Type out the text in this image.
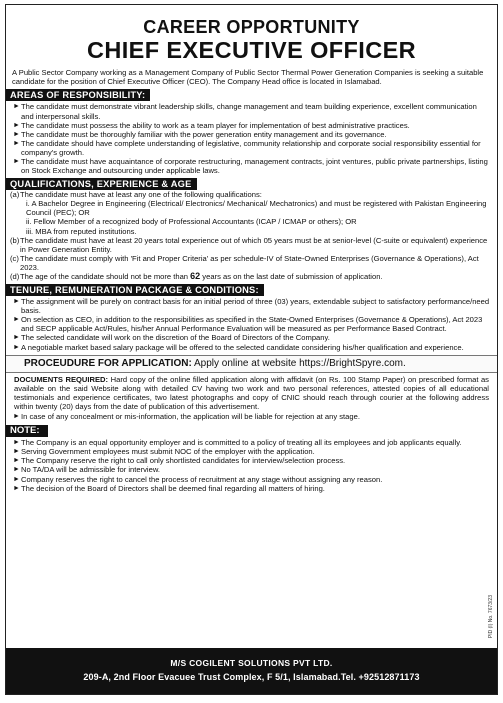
CAREER OPPORTUNITY
CHIEF EXECUTIVE OFFICER
A Public Sector Company working as a Management Company of Public Sector Thermal Power Generation Companies is seeking a suitable candidate for the position of Chief Executive Officer (CEO). The Company Head office is located in Islamabad.
AREAS OF RESPONSIBILITY:
► The candidate must demonstrate vibrant leadership skills, change management and team building experience, excellent communication and interpersonal skills.
► The candidate must possess the ability to work as a team player for implementation of best administrative practices.
► The candidate must be thoroughly familiar with the power generation entity management and its governance.
► The candidate should have complete understanding of legislative, community relationship and corporate social responsibility essential for company's growth.
► The candidate must have acquaintance of corporate restructuring, management contracts, joint ventures, public private partnerships, listing on Stock Exchange and outsourcing under applicable laws.
QUALIFICATIONS, EXPERIENCE & AGE
(a) The candidate must have at least any one of the following qualifications:
i. A Bachelor Degree in Engineering (Electrical/ Electronics/ Mechanical/ Mechatronics) and must be registered with Pakistan Engineering Council (PEC); OR
ii. Fellow Member of a recognized body of Professional Accountants (ICAP / ICMAP or others); OR
iii. MBA from reputed institutions.
(b) The candidate must have at least 20 years total experience out of which 05 years must be at senior-level (C-suite or equivalent) experience in Power Generation Entity.
(c) The candidate must comply with 'Fit and Proper Criteria' as per schedule-IV of State-Owned Enterprises (Governance & Operations), Act 2023.
(d) The age of the candidate should not be more than 62 years as on the last date of submission of application.
TENURE, REMUNERATION PACKAGE & CONDITIONS:
► The assignment will be purely on contract basis for an initial period of three (03) years, extendable subject to satisfactory performance/need basis.
► On selection as CEO, in addition to the responsibilities as specified in the State-Owned Enterprises (Governance & Operations), Act 2023 and SECP applicable Act/Rules, his/her Annual Performance Evaluation will be measured as per Performance Based Contract.
► The selected candidate will work on the discretion of the Board of Directors of the Company.
► A negotiable market based salary package will be offered to the selected candidate considering his/her qualification and experience.
PROCEUDURE FOR APPLICATION: Apply online at website https://BrightSpyre.com.
DOCUMENTS REQUIRED: Hard copy of the online filled application along with affidavit (on Rs. 100 Stamp Paper) on prescribed format as available on the said Website along with detailed CV having two work and two personal references, attested copies of all educational testimonials and experience certificates, two latest photographs and copy of CNIC should reach through courier at the following address within twenty (20) days from the date of publication of this advertisement.
► In case of any concealment or mis-information, the application will be liable for rejection at any stage.
NOTE:
► The Company is an equal opportunity employer and is committed to a policy of treating all its employees and job applicants equally.
► Serving Government employees must submit NOC of the employer with the application.
► The Company reserve the right to call only shortlisted candidates for interview/selection process.
► No TA/DA will be admissible for interview.
► Company reserves the right to cancel the process of recruitment at any stage without assigning any reason.
► The decision of the Board of Directors shall be deemed final regarding all matters of hiring.
PID (I) No. 7673/23
M/S COGILENT SOLUTIONS PVT LTD.
209-A, 2nd Floor Evacuee Trust Complex, F 5/1, Islamabad.Tel. +92512871173
